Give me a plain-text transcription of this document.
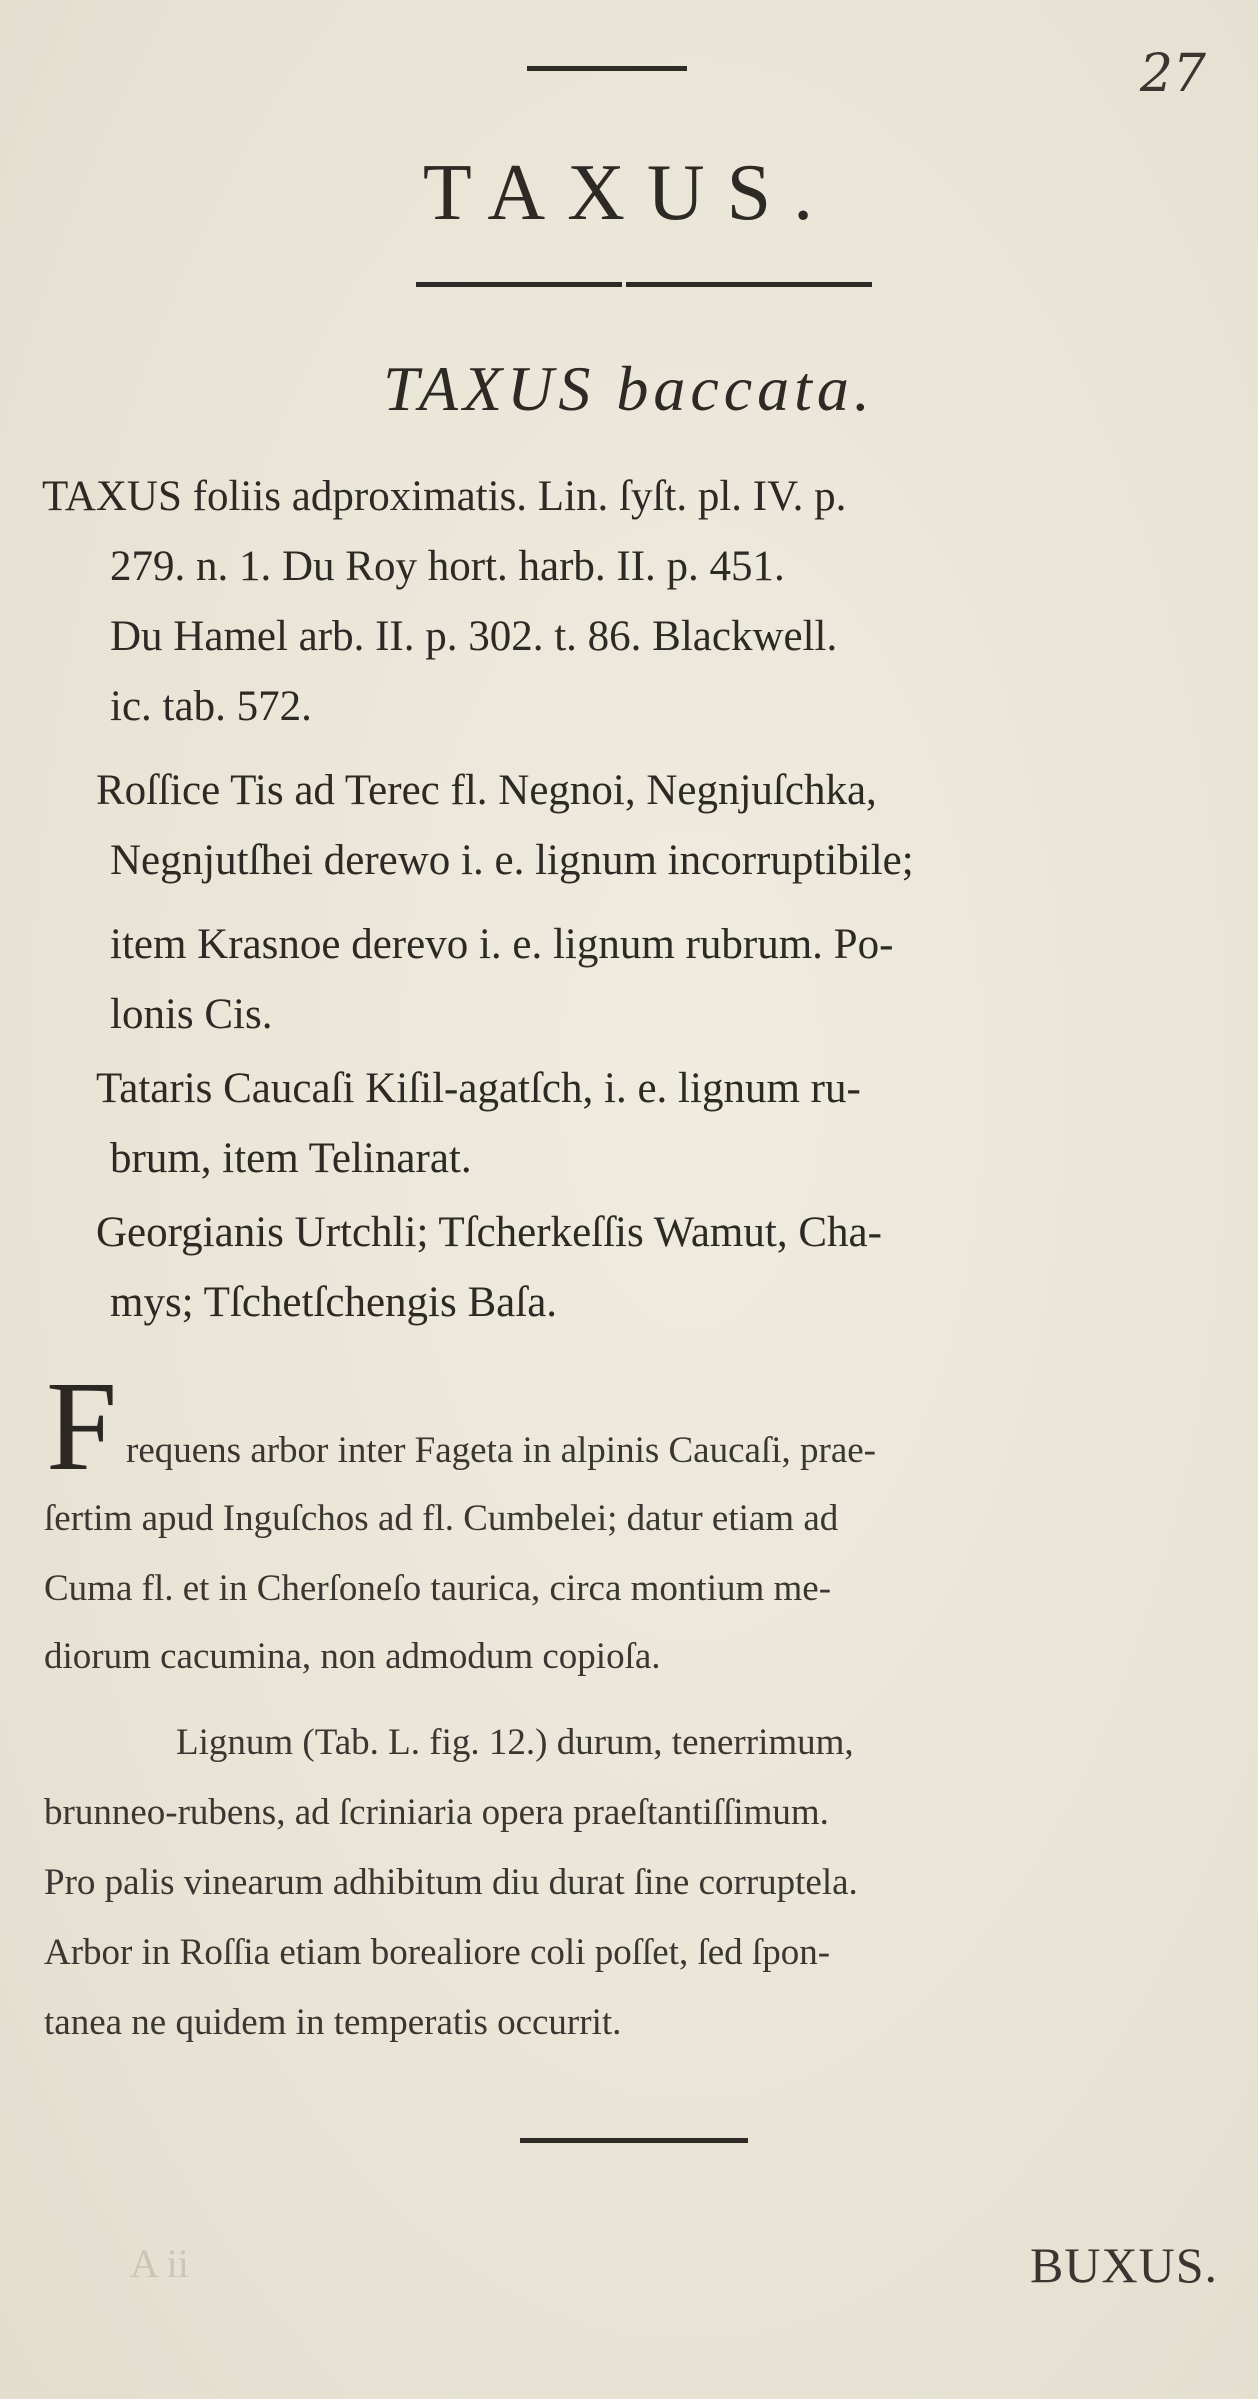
27
TAXUS.
TAXUS baccata.
TAXUS foliis adproximatis. Lin. ſyſt. pl. IV. p.
279. n. 1. Du Roy hort. harb. II. p. 451.
Du Hamel arb. II. p. 302. t. 86. Blackwell.
ic. tab. 572.
Roſſice Tis ad Terec fl. Negnoi, Negnjuſchka,
Negnjutſhei derewo i. e. lignum incorruptibile;
item Krasnoe derevo i. e. lignum rubrum. Po-
lonis Cis.
Tataris Caucaſi Kiſil-agatſch, i. e. lignum ru-
brum, item Telinarat.
Georgianis Urtchli; Tſcherkeſſis Wamut, Cha-
mys; Tſchetſchengis Baſa.
F requens arbor inter Fageta in alpinis Caucaſi, prae-
ſertim apud Inguſchos ad fl. Cumbelei; datur etiam ad
Cuma fl. et in Cherſoneſo taurica, circa montium me-
diorum cacumina, non admodum copioſa.
Lignum (Tab. L. fig. 12.) durum, tenerrimum,
brunneo-rubens, ad ſcriniaria opera praeſtantiſſimum.
Pro palis vinearum adhibitum diu durat ſine corruptela.
Arbor in Roſſia etiam borealiore coli poſſet, ſed ſpon-
tanea ne quidem in temperatis occurrit.
A ii	BUXUS.
